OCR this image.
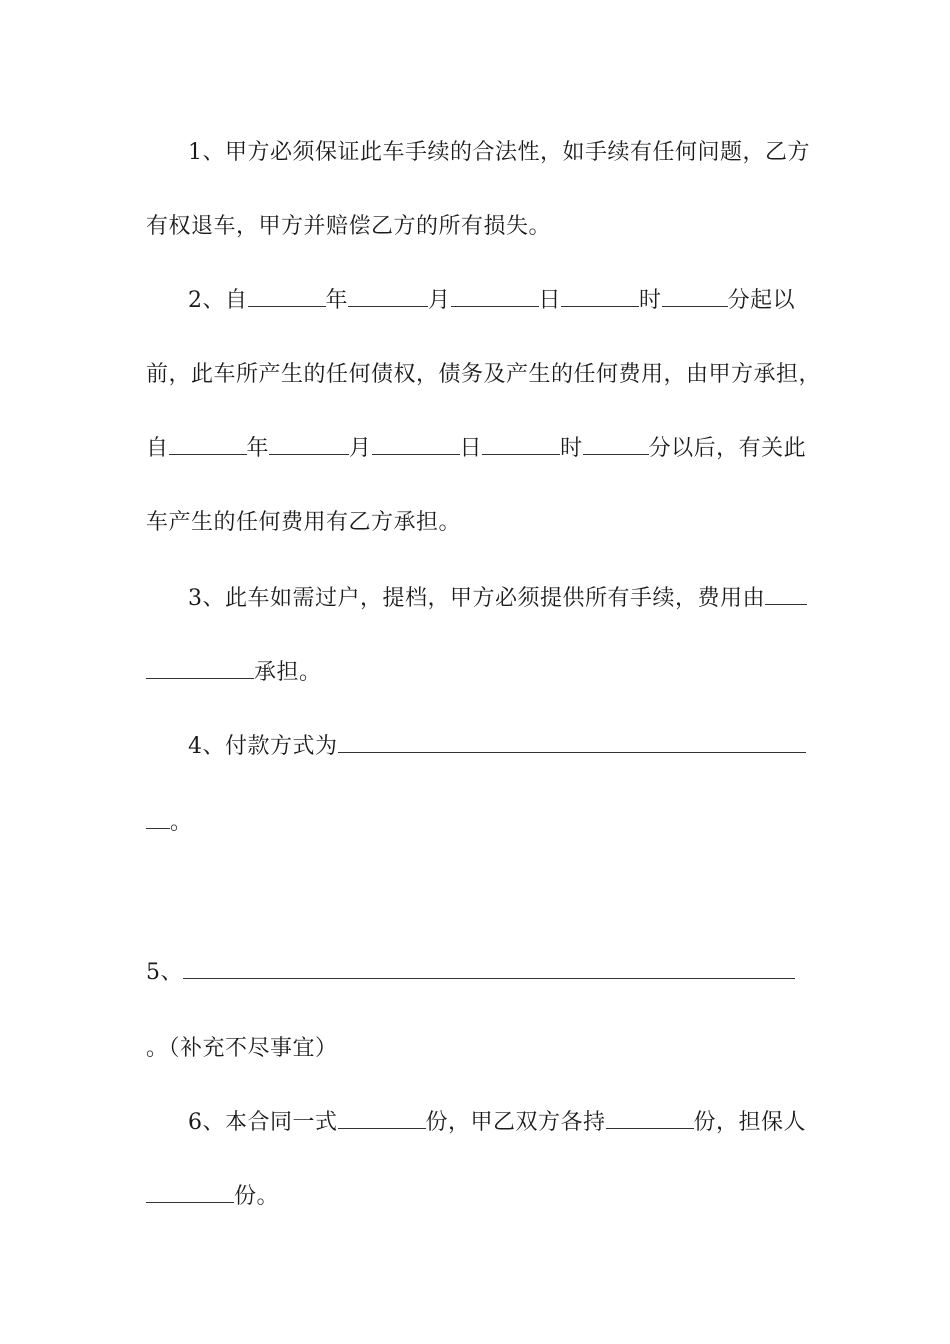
1、甲方必须保证此车手续的合法性，如手续有任何问题，乙方
有权退车，甲方并赔偿乙方的所有损失。
2、自	年	月	日	时	分起以
前，此车所产生的任何债权，债务及产生的任何费用，由甲方承担，
自	年	月	日	时	分以后，有关此
车产生的任何费用有乙方承担。
3、此车如需过户，提档，甲方必须提供所有手续，费用由
承担。
4、付款方式为
。
5、
。（补充不尽事宜）
6、本合同一式	份，甲乙双方各持	份，担保人
份。
